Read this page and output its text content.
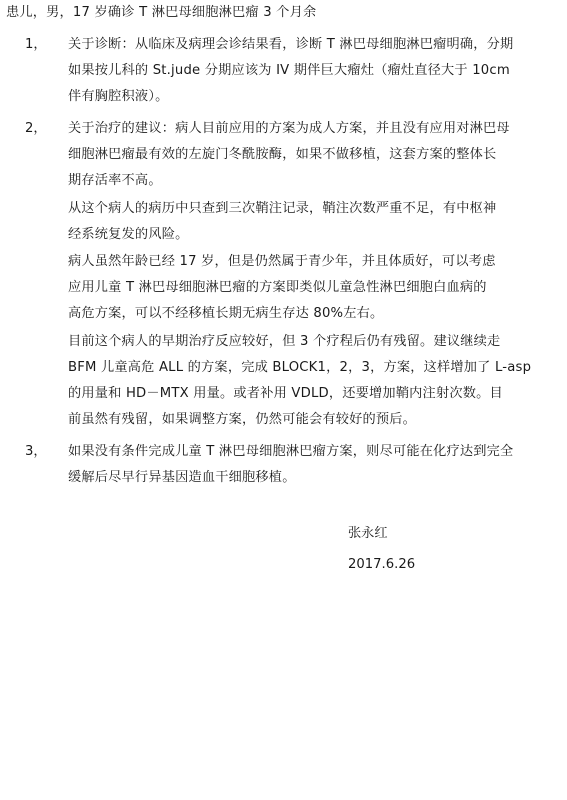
患儿，男，17 岁确诊 T 淋巴母细胞淋巴瘤 3 个月余
1， 关于诊断：从临床及病理会诊结果看，诊断 T 淋巴母细胞淋巴瘤明确，分期
如果按儿科的 St.jude 分期应该为 IV 期伴巨大瘤灶（瘤灶直径大于 10cm
伴有胸腔积液）。
2， 关于治疗的建议：病人目前应用的方案为成人方案，并且没有应用对淋巴母
细胞淋巴瘤最有效的左旋门冬酰胺酶，如果不做移植，这套方案的整体长
期存活率不高。
从这个病人的病历中只查到三次鞘注记录，鞘注次数严重不足，有中枢神
经系统复发的风险。
病人虽然年龄已经 17 岁，但是仍然属于青少年，并且体质好，可以考虑
应用儿童 T 淋巴母细胞淋巴瘤的方案即类似儿童急性淋巴细胞白血病的
高危方案，可以不经移植长期无病生存达 80%左右。
目前这个病人的早期治疗反应较好，但 3 个疗程后仍有残留。建议继续走
BFM 儿童高危 ALL 的方案，完成 BLOCK1，2，3，方案，这样增加了 L-asp
的用量和 HD－MTX 用量。或者补用 VDLD，还要增加鞘内注射次数。目
前虽然有残留，如果调整方案，仍然可能会有较好的预后。
3， 如果没有条件完成儿童 T 淋巴母细胞淋巴瘤方案，则尽可能在化疗达到完全
缓解后尽早行异基因造血干细胞移植。
张永红
2017.6.26
